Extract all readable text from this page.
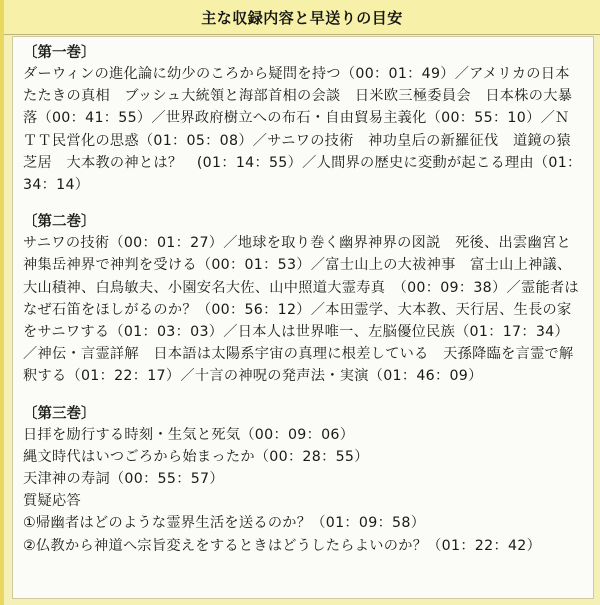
主な収録内容と早送りの目安
〔第一巻〕
ダーウィンの進化論に幼少のころから疑問を持つ（00：01：49）／アメリカの日本たたきの真相　ブッシュ大統領と海部首相の会談　日米欧三極委員会　日本株の大暴落（00：41：55）／世界政府樹立への布石・自由貿易主義化（00：55：10）／ＮＴＴ民営化の思惑（01：05：08）／サニワの技術　神功皇后の新羅征伐　道鏡の猿芝居　大本教の神とは？　(01：14：55）／人間界の歴史に変動が起こる理由（01：34：14）
〔第二巻〕
サニワの技術（00：01：27）／地球を取り巻く幽界神界の図説　死後、出雲幽宮と神集岳神界で神判を受ける（00：01：53）／富士山上の大祓神事　富士山上神議、大山積神、白鳥敏夫、小園安名大佐、山中照道大霊寿真　（00：09：38）／霊能者はなぜ石笛をほしがるのか？（00：56：12）／本田霊学、大本教、天行居、生長の家をサニワする（01：03：03）／日本人は世界唯一、左脳優位民族（01：17：34）／神伝・言霊詳解　日本語は太陽系宇宙の真理に根差している　天孫降臨を言霊で解釈する（01：22：17）／十言の神呪の発声法・実演（01：46：09）
〔第三巻〕
日拝を励行する時刻・生気と死気（00：09：06）
縄文時代はいつごろから始まったか（00：28：55）
天津神の寿詞（00：55：57）
質疑応答
①帰幽者はどのような霊界生活を送るのか？（01：09：58）
②仏教から神道へ宗旨変えをするときはどうしたらよいのか？（01：22：42）
